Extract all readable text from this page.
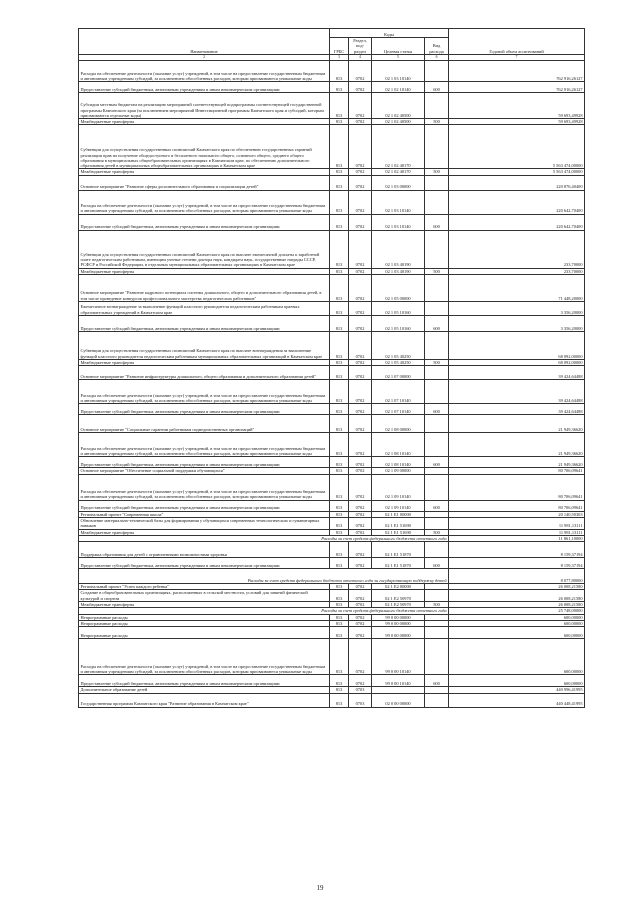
Наименование	Коды				Годовой объем ассигнований
	ГРБС	Раздел, под-раздел	Целевая статья	Вид расхода	
2	3	4	5	6	7
Расходы на обеспечение деятельности (оказание услуг) учреждений, в том числе на предоставление государственным бюджетным и автономным учреждениям субсидий, за исключением обособленных расходов, которым присваиваются уникальные коды	813	0702	02 1 03 10140		762 916,26127
Предоставление субсидий бюджетным, автономным учреждениям и иным некоммерческим организациям	813	0702	02 1 02 10140	600	762 916,26127
Субсидии местным бюджетам на реализацию мероприятий соответствующей подпрограммы соответствующей государственной программы Камчатского края (за исключением мероприятий Инвестиционной программы Камчатского края и субсидий, которым присваиваются отдельные коды)	813	0702	02 1 02 40500		59 693,49928
Межбюджетные трансферты	813	0702	02 1 02 40500	500	59 693,49928
Субвенции для осуществления государственных полномочий Камчатского края по обеспечению государственных гарантий реализации прав на получение общедоступного и бесплатного начального общего, основного общего, среднего общего образования в муниципальных общеобразовательных организациях в Камчатском крае, по обеспечению дополнительного образования детей в муниципальных общеобразовательных организациях в Камчатском крае	813	0702	02 1 02 40170		5 563 474,00000
Межбюджетные трансферты	813	0702	02 1 02 40170	500	5 563 474,00000
Основное мероприятие "Развитие сферы дополнительного образования и социализации детей"	813	0702	02 1 03 00000		220 876,40400
Расходы на обеспечение деятельности (оказание услуг) учреждений, в том числе на предоставление государственным бюджетным и автономным учреждениям субсидий, за исключением обособленных расходов, которым присваиваются уникальные коды	813	0702	02 1 03 10140		220 642,70400
Предоставление субсидий бюджетным, автономным учреждениям и иным некоммерческим организациям	813	0702	02 1 03 10140	600	220 642,70400
Субвенции для осуществления государственных полномочий Камчатского края по выплате ежемесячной доплаты к заработной плате педагогическим работникам, имеющим ученые степени доктора наук, кандидата наук, государственные награды СССР, РСФСР и Российской Федерации, в отдельных муниципальных образовательных организациях в Камчатском крае	813	0702	02 1 03 40190		233,70000
Межбюджетные трансферты	813	0702	02 1 03 40190	500	233,70000
Основное мероприятие "Развитие кадрового потенциала системы дошкольного, общего и дополнительного образования детей, в том числе проведение конкурсов профессионального мастерства педагогических работников"	813	0702	02 1 05 00000		71 448,20000
Ежемесячное вознаграждение за выполнение функций классного руководителя педагогическим работникам краевых образовательных учреждений в Камчатском крае	813	0702	02 1 05 10160		3 356,20000
Предоставление субсидий бюджетным, автономным учреждениям и иным некоммерческим организациям	813	0702	02 1 05 10160	600	3 356,20000
Субвенции для осуществления государственных полномочий Камчатского края по выплате вознаграждения за выполнение функций классного руководителя педагогическим работникам муниципальных образовательных организаций в Камчатском крае	813	0702	02 1 05 40250		68 092,00000
Межбюджетные трансферты	813	0702	02 1 05 40250	500	68 092,00000
Основное мероприятие "Развитие инфраструктуры дошкольного, общего образования и дополнительного образования детей"	813	0702	02 1 07 00000		39 424,64488
Расходы на обеспечение деятельности (оказание услуг) учреждений, в том числе на предоставление государственным бюджетным и автономным учреждениям субсидий, за исключением обособленных расходов, которым присваиваются уникальные коды	813	0702	02 1 07 10140		39 424,64488
Предоставление субсидий бюджетным, автономным учреждениям и иным некоммерческим организациям	813	0702	02 1 07 10140	600	39 424,64488
Основное мероприятие "Социальные гарантии работникам подведомственных организаций"	813	0702	02 1 08 00000		21 949,36620
Расходы на обеспечение деятельности (оказание услуг) учреждений, в том числе на предоставление государственным бюджетным и автономным учреждениям субсидий, за исключением обособленных расходов, которым присваиваются уникальные коды	813	0702	02 1 08 10140		21 949,36620
Предоставление субсидий бюджетным, автономным учреждениям и иным некоммерческим организациям	813	0702	02 1 08 10140	600	21 949,36620
Основное мероприятие "Обеспечение социальной поддержки обучающихся"	813	0702	02 1 09 00000		80 706,09641
Расходы на обеспечение деятельности (оказание услуг) учреждений, в том числе на предоставление государственным бюджетным и автономным учреждениям субсидий, за исключением обособленных расходов, которым присваиваются уникальные коды	813	0702	02 1 09 10140		80 706,09641
Предоставление субсидий бюджетным, автономным учреждениям и иным некоммерческим организациям	813	0702	02 1 09 10140	600	80 706,09641
Региональный проект "Современная школа"	813	0702	02 1 Е1 00000		20 140,50303
Обновление материально-технической базы для формирования у обучающихся современных технологических и гуманитарных навыков	813	0702	02 1 Е1 51690		11 981,13111
Межбюджетные трансферты	813	0702	02 1 Е1 51690	500	11 981,13111
Расходы за счет средств федерального бюджета отчетного года					11 861,10000
Поддержка образования для детей с ограниченными возможностями здоровья	813	0702	02 1 Е1 51870		8 159,37194
Предоставление субсидий бюджетным, автономным учреждениям и иным некоммерческим организациям	813	0702	02 1 Е1 51870	600	8 159,37194
Расходы за счет средств федерального бюджета отчетного года за государственную поддержку детей					8 077,80000
Региональный проект "Успех каждого ребенка"	813	0702	02 1 Е2 00000		26 008,21580
Создание в общеобразовательных организациях, расположенных в сельской местности, условий для занятий физической культурой и спортом	813	0702	02 1 Е2 50970		26 008,21580
Межбюджетные трансферты	813	0702	02 1 Е2 50970	500	26 008,21580
Расходы за счет средств федерального бюджета отчетного года					25 748,00000
Непрограммные расходы	813	0702	99 0 00 00000		600,00000
Непрограммные расходы	813	0702	99 0 00 00000		600,00000
Непрограммные расходы	813	0702	99 0 00 00000		600,00000
Расходы на обеспечение деятельности (оказание услуг) учреждений, в том числе на предоставление государственным бюджетным и автономным учреждениям субсидий, за исключением обособленных расходов, которым присваиваются уникальные коды	813	0702	99 0 00 10140		600,00000
Предоставление субсидий бюджетным, автономным учреждениям и иным некоммерческим организациям	813	0702	99 0 00 10140	600	600,00000
Дополнительное образование детей	813	0703			440 996,41995
Государственная программа Камчатского края "Развитие образования в Камчатском крае"	813	0703	02 0 00 00000		440 448,41995
19
